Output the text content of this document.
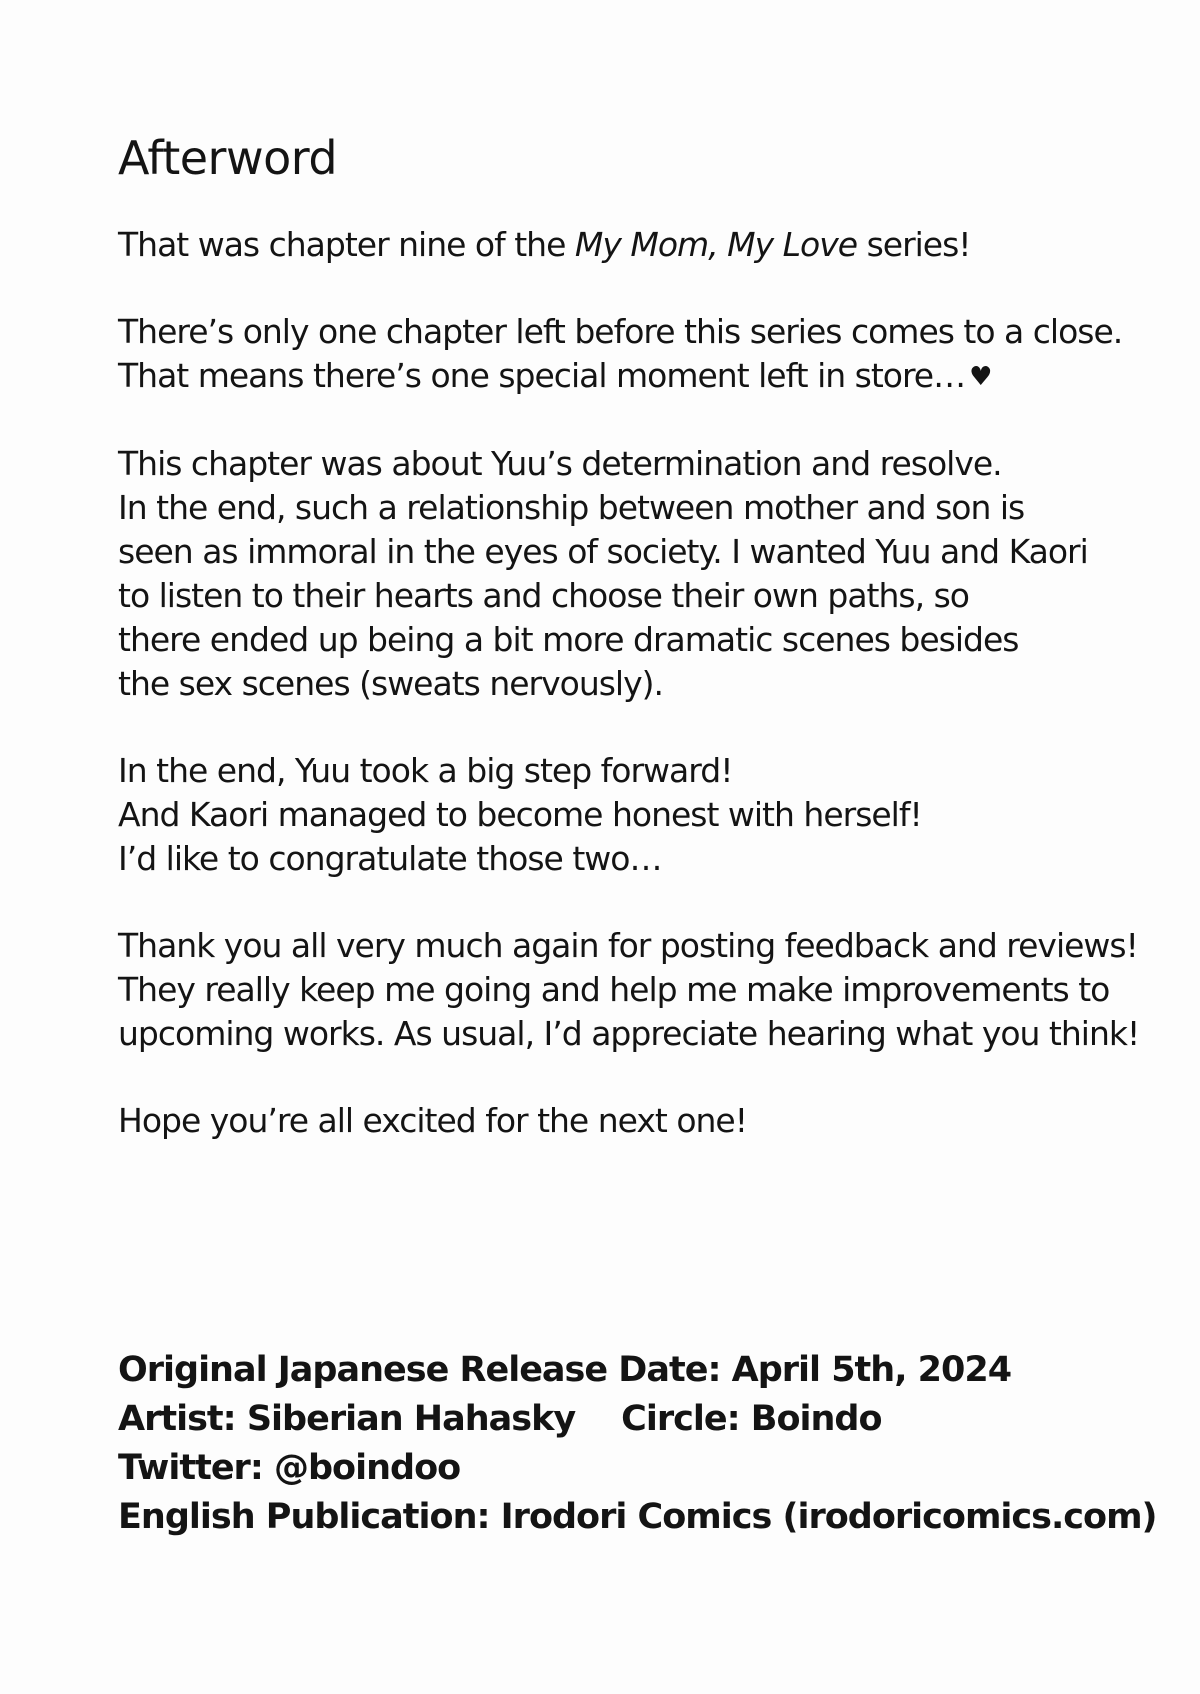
Afterword
That was chapter nine of the My Mom, My Love series!
There’s only one chapter left before this series comes to a close.
That means there’s one special moment left in store… ♥
This chapter was about Yuu’s determination and resolve.
In the end, such a relationship between mother and son is
seen as immoral in the eyes of society. I wanted Yuu and Kaori
to listen to their hearts and choose their own paths, so
there ended up being a bit more dramatic scenes besides
the sex scenes (sweats nervously).
In the end, Yuu took a big step forward!
And Kaori managed to become honest with herself!
I’d like to congratulate those two…
Thank you all very much again for posting feedback and reviews!
They really keep me going and help me make improvements to
upcoming works. As usual, I’d appreciate hearing what you think!
Hope you’re all excited for the next one!
Original Japanese Release Date: April 5th, 2024
Artist: Siberian Hahasky Circle: Boindo
Twitter: @boindoo
English Publication: Irodori Comics (irodoricomics.com)
